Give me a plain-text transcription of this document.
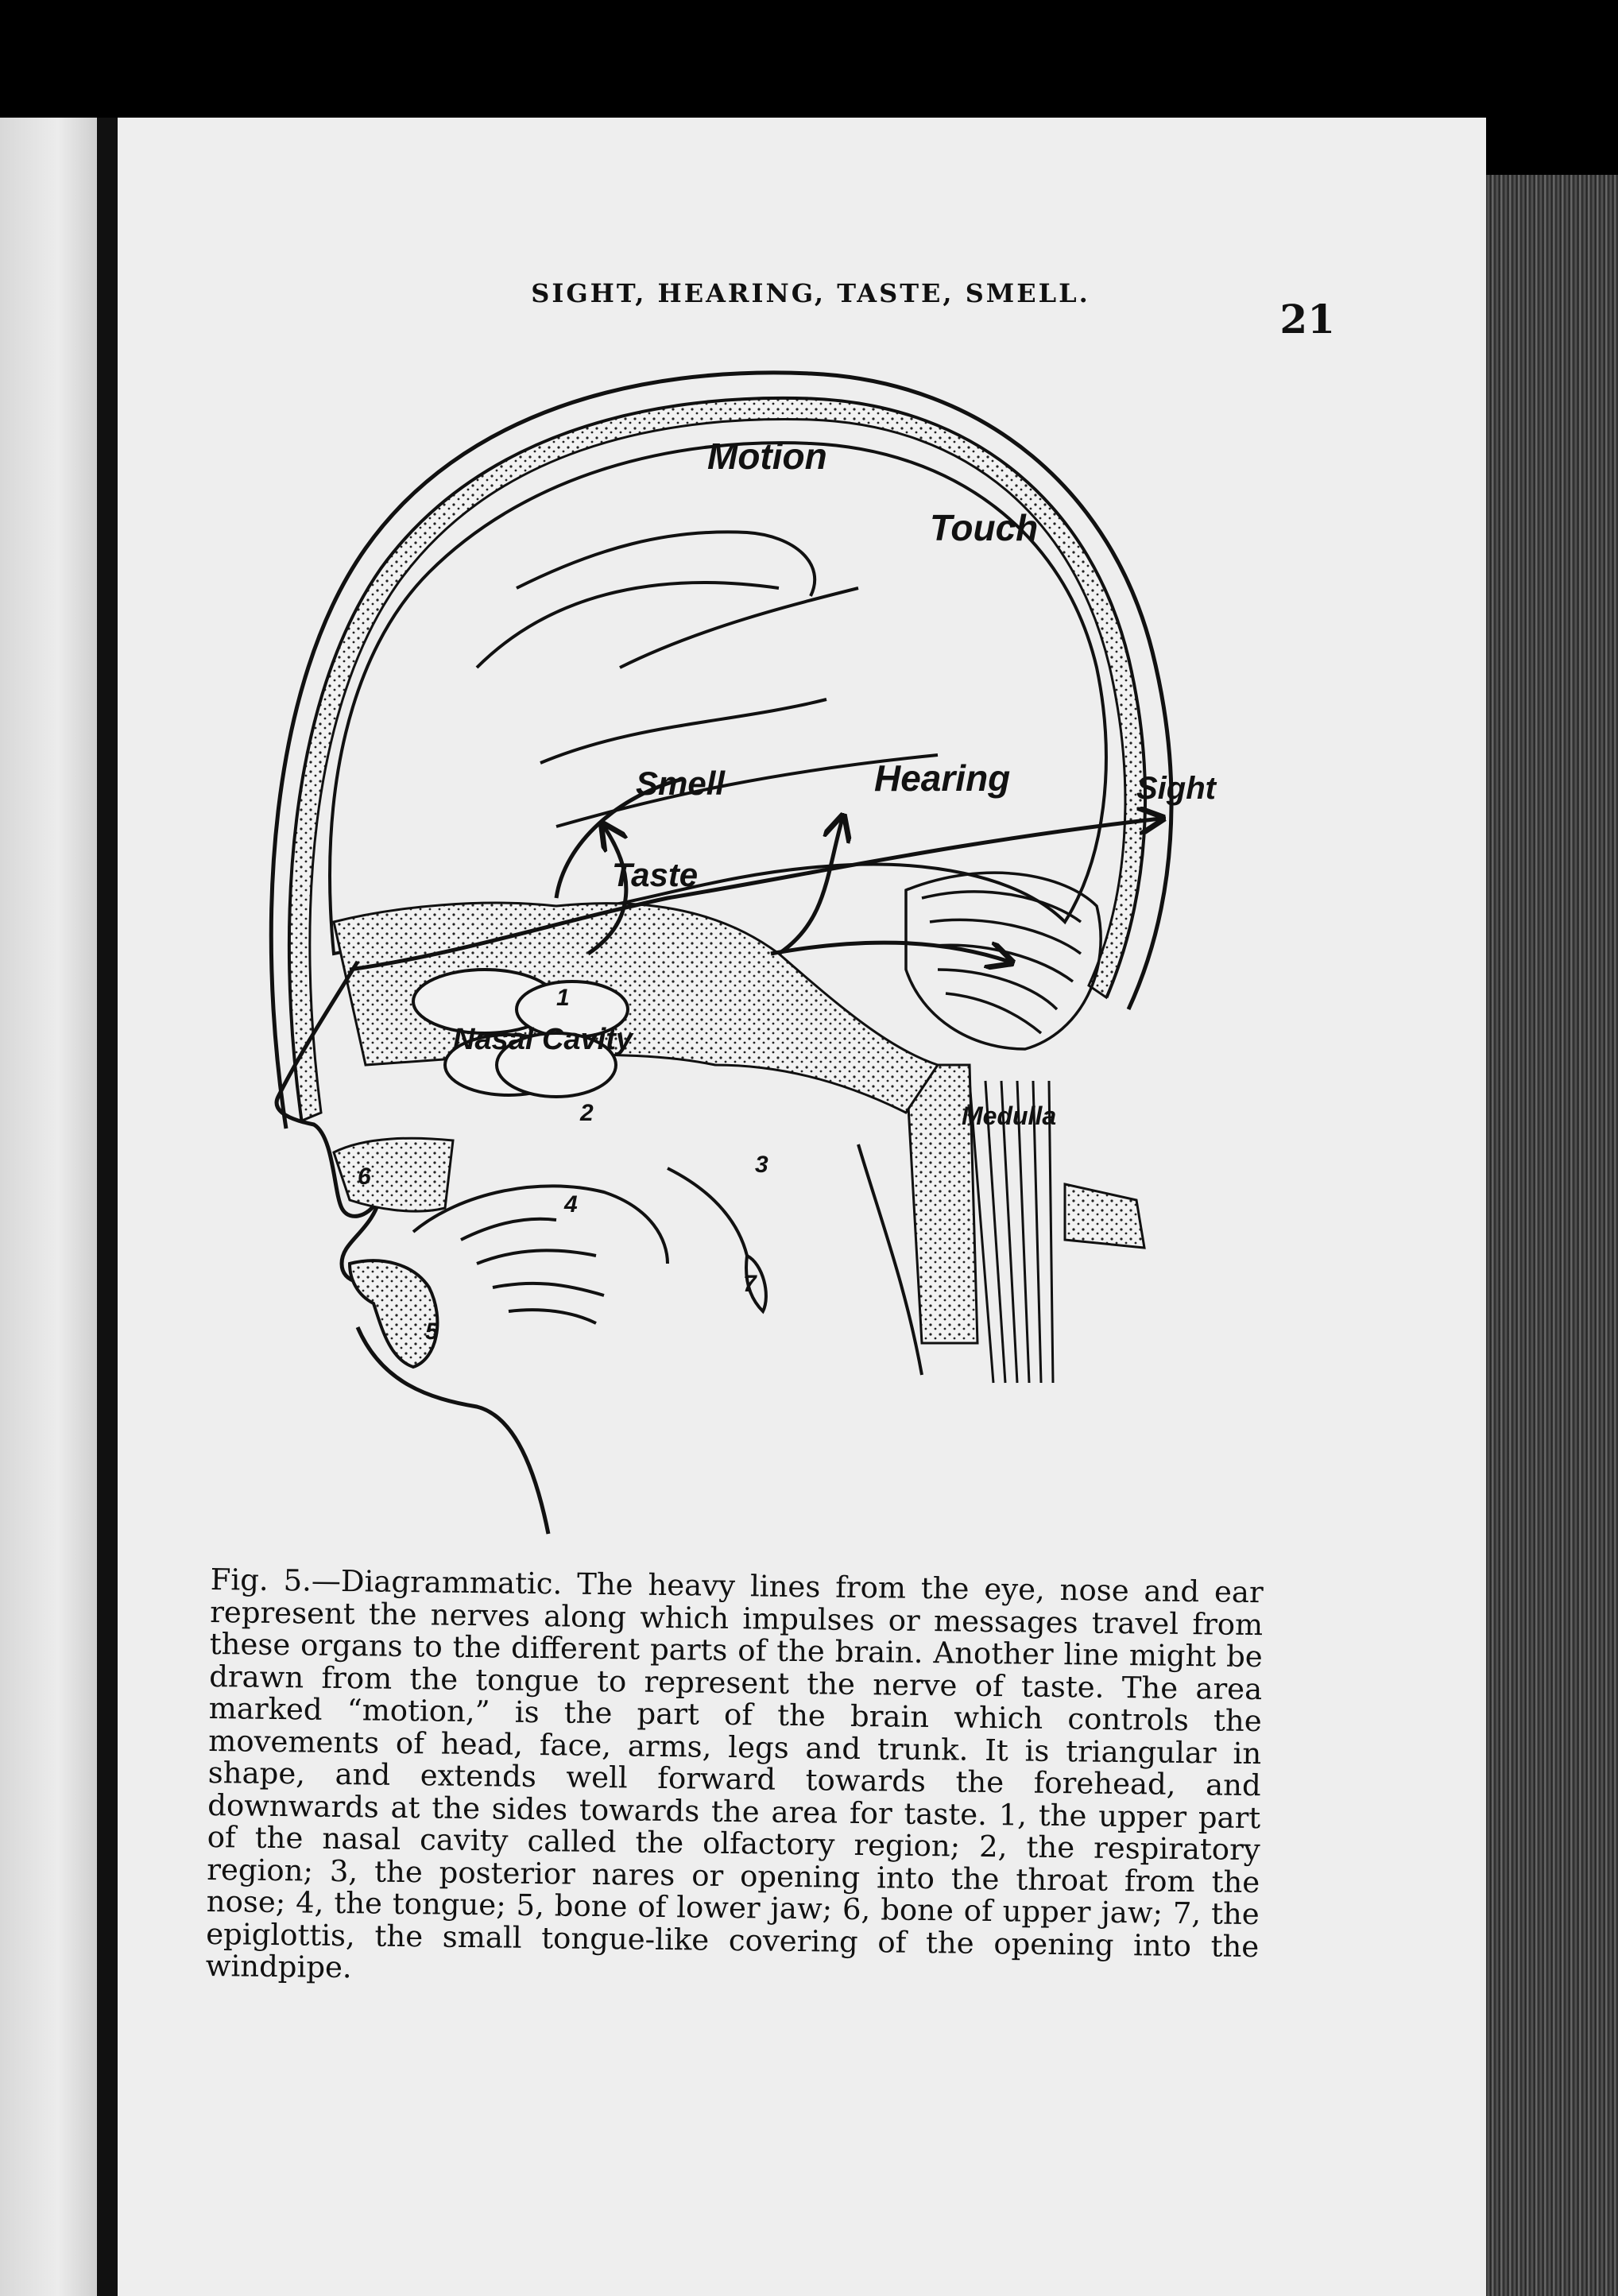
SIGHT, HEARING, TASTE, SMELL.
21
Motion
Touch
Smell	Hearing	Sight
Taste
Nasal Cavity
Medulla
1
2
3
4
5
6
7
Fig. 5.—Diagrammatic. The heavy lines from the eye, nose and ear represent the nerves along which impulses or messages travel from these organs to the different parts of the brain. Another line might be drawn from the tongue to represent the nerve of taste. The area marked “motion,” is the part of the brain which controls the movements of head, face, arms, legs and trunk. It is triangular in shape, and extends well forward towards the forehead, and downwards at the sides towards the area for taste. 1, the upper part of the nasal cavity called the olfactory region; 2, the respiratory region; 3, the posterior nares or opening into the throat from the nose; 4, the tongue; 5, bone of lower jaw; 6, bone of upper jaw; 7, the epiglottis, the small tongue-like covering of the opening into the windpipe.
